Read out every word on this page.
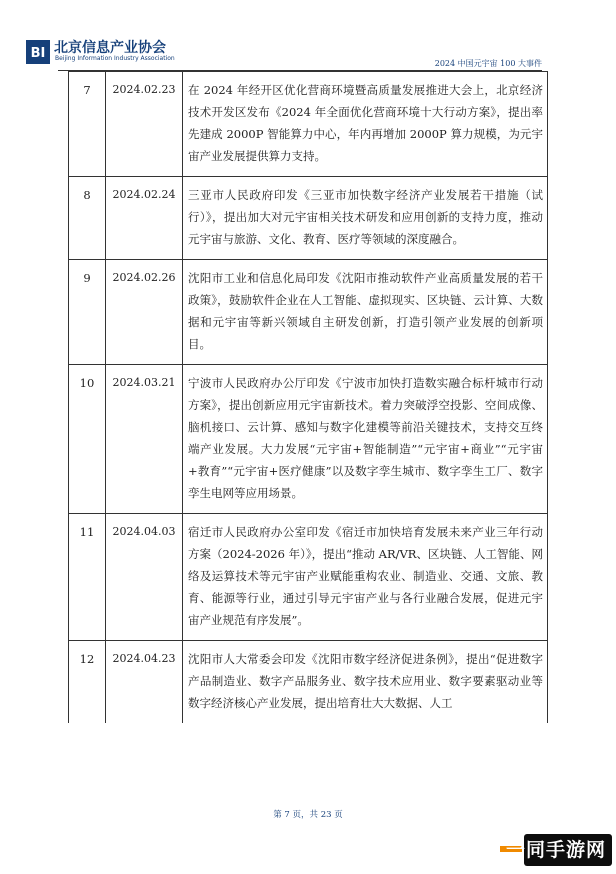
BI 北京信息产业协会
Beijing Information Industry Association
2024 中国元宇宙 100 大事件
7	2024.02.23	在 2024 年经开区优化营商环境暨高质量发展推进大会上，北京经济技术开发区发布《2024 年全面优化营商环境十大行动方案》，提出率先建成 2000P 智能算力中心，年内再增加 2000P 算力规模，为元宇宙产业发展提供算力支持。
8	2024.02.24	三亚市人民政府印发《三亚市加快数字经济产业发展若干措施（试行）》，提出加大对元宇宙相关技术研发和应用创新的支持力度，推动元宇宙与旅游、文化、教育、医疗等领域的深度融合。
9	2024.02.26	沈阳市工业和信息化局印发《沈阳市推动软件产业高质量发展的若干政策》，鼓励软件企业在人工智能、虚拟现实、区块链、云计算、大数据和元宇宙等新兴领域自主研发创新，打造引领产业发展的创新项目。
10	2024.03.21	宁波市人民政府办公厅印发《宁波市加快打造数实融合标杆城市行动方案》，提出创新应用元宇宙新技术。着力突破浮空投影、空间成像、脑机接口、云计算、感知与数字化建模等前沿关键技术，支持交互终端产业发展。大力发展“元宇宙+智能制造”“元宇宙+商业”“元宇宙+教育”“元宇宙+医疗健康”以及数字孪生城市、数字孪生工厂、数字孪生电网等应用场景。
11	2024.04.03	宿迁市人民政府办公室印发《宿迁市加快培育发展未来产业三年行动方案（2024-2026 年）》，提出“推动 AR/VR、区块链、人工智能、网络及运算技术等元宇宙产业赋能重构农业、制造业、交通、文旅、教育、能源等行业，通过引导元宇宙产业与各行业融合发展，促进元宇宙产业规范有序发展”。
12	2024.04.23	沈阳市人大常委会印发《沈阳市数字经济促进条例》，提出“促进数字产品制造业、数字产品服务业、数字技术应用业、数字要素驱动业等数字经济核心产业发展，提出培育壮大大数据、人工
第 7 页，共 23 页
一同手游网
